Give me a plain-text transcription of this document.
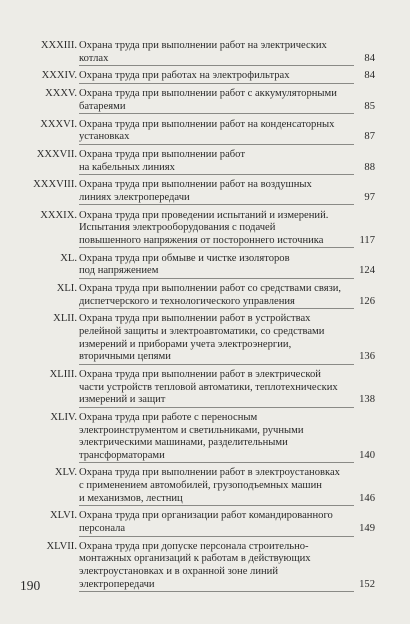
XXXIII. Охрана труда при выполнении работ на электрических
котлах	84
XXXIV. Охрана труда при работах на электрофильтрах	84
XXXV. Охрана труда при выполнении работ с аккумуляторными
батареями	85
XXXVI. Охрана труда при выполнении работ на конденсаторных
установках	87
XXXVII. Охрана труда при выполнении работ
на кабельных линиях	88
XXXVIII. Охрана труда при выполнении работ на воздушных
линиях электропередачи	97
XXXIX. Охрана труда при проведении испытаний и измерений.
Испытания электрооборудования с подачей
повышенного напряжения от постороннего источника	117
XL. Охрана труда при обмыве и чистке изоляторов
под напряжением	124
XLI. Охрана труда при выполнении работ со средствами связи,
диспетчерского и технологического управления	126
XLII. Охрана труда при выполнении работ в устройствах
релейной защиты и электроавтоматики, со средствами
измерений и приборами учета электроэнергии,
вторичными цепями	136
XLIII. Охрана труда при выполнении работ в электрической
части устройств тепловой автоматики, теплотехнических
измерений и защит	138
XLIV. Охрана труда при работе с переносным
электроинструментом и светильниками, ручными
электрическими машинами, разделительными
трансформаторами	140
XLV. Охрана труда при выполнении работ в электроустановках
с применением автомобилей, грузоподъемных машин
и механизмов, лестниц	146
XLVI. Охрана труда при организации работ командированного
персонала	149
XLVII. Охрана труда при допуске персонала строительно-
монтажных организаций к работам в действующих
электроустановках и в охранной зоне линий
электропередачи	152
190
